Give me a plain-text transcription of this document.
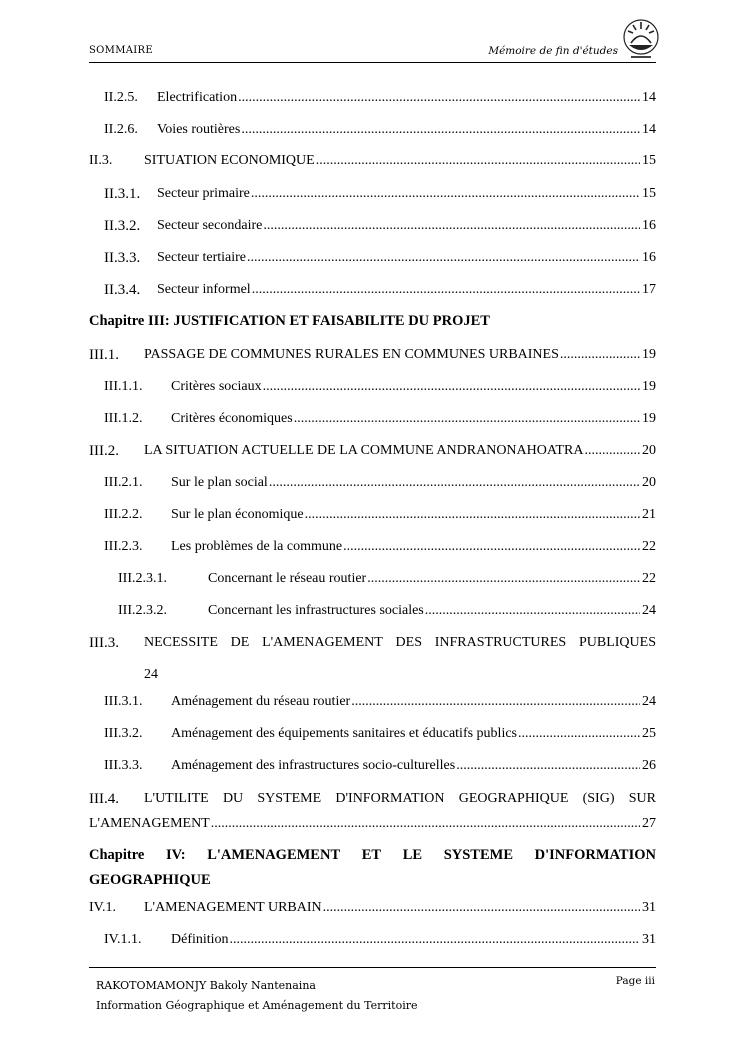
SOMMAIRE	Mémoire de fin d'études
II.2.5. Electrification .....	14
II.2.6. Voies routières .....	14
II.3. SITUATION ECONOMIQUE .....	15
II.3.1. Secteur primaire .....	15
II.3.2. Secteur secondaire .....	16
II.3.3. Secteur tertiaire .....	16
II.3.4. Secteur informel .....	17
Chapitre III: JUSTIFICATION ET FAISABILITE DU PROJET
III.1. PASSAGE DE COMMUNES RURALES EN COMMUNES URBAINES .....	19
III.1.1. Critères sociaux .....	19
III.1.2. Critères économiques .....	19
III.2. LA SITUATION ACTUELLE DE LA COMMUNE ANDRANONAHOATRA .....	20
III.2.1. Sur le plan social .....	20
III.2.2. Sur le plan économique .....	21
III.2.3. Les problèmes de la commune .....	22
III.2.3.1.	Concernant le réseau routier .....	22
III.2.3.2.	Concernant les infrastructures sociales .....	24
III.3. NECESSITE DE L'AMENAGEMENT DES INFRASTRUCTURES PUBLIQUES
24
III.3.1. Aménagement du réseau routier .....	24
III.3.2. Aménagement des équipements sanitaires et éducatifs publics .....	25
III.3.3. Aménagement des infrastructures socio-culturelles .....	26
III.4. L'UTILITE DU SYSTEME D'INFORMATION GEOGRAPHIQUE (SIG) SUR
L'AMENAGEMENT .....	27
Chapitre IV: L'AMENAGEMENT ET LE SYSTEME D'INFORMATION
GEOGRAPHIQUE
IV.1. L'AMENAGEMENT URBAIN .....	31
IV.1.1. Définition .....	31
RAKOTOMAMONJY Bakoly Nantenaina
Information Géographique et Aménagement du Territoire
Page iii
